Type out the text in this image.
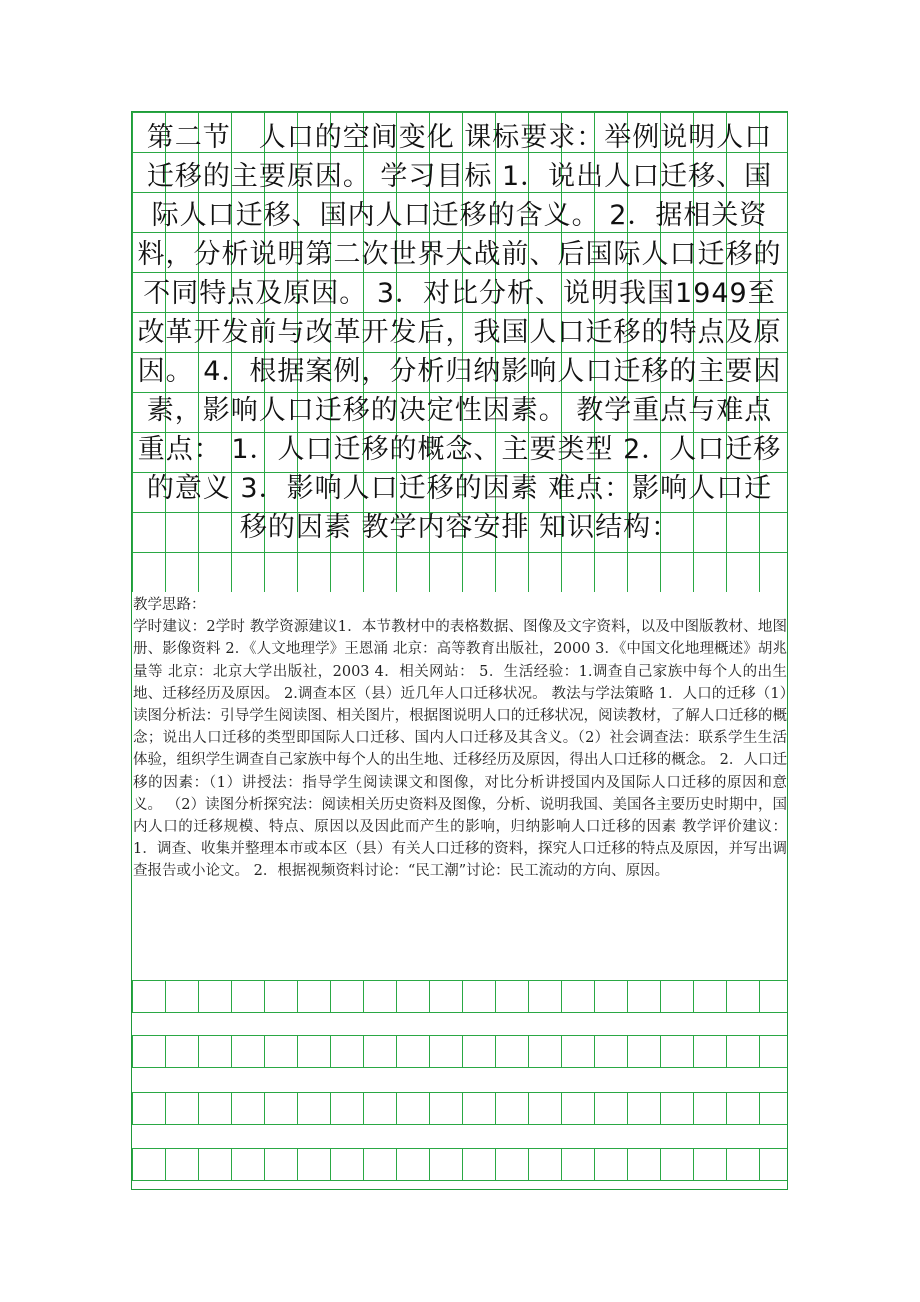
第二节　人口的空间变化 课标要求：举例说明人口迁移的主要原因。 学习目标 1．说出人口迁移、国际人口迁移、国内人口迁移的含义。 2．据相关资料，分析说明第二次世界大战前、后国际人口迁移的不同特点及原因。 3．对比分析、说明我国1949至改革开发前与改革开发后，我国人口迁移的特点及原因。 4．根据案例，分析归纳影响人口迁移的主要因素，影响人口迁移的决定性因素。 教学重点与难点 重点： 1．人口迁移的概念、主要类型 2．人口迁移的意义 3．影响人口迁移的因素 难点：影响人口迁移的因素 教学内容安排 知识结构：

教学思路：
学时建议：2学时 教学资源建议1．本节教材中的表格数据、图像及文字资料，以及中图版教材、地图册、影像资料 2．《人文地理学》王恩涌 北京：高等教育出版社，2000 3．《中国文化地理概述》胡兆量等 北京：北京大学出版社，2003 4．相关网站： 5．生活经验：1.调查自己家族中每个人的出生地、迁移经历及原因。 2.调查本区（县）近几年人口迁移状况。 教法与学法策略 1．人口的迁移（1）读图分析法：引导学生阅读图、相关图片，根据图说明人口的迁移状况，阅读教材，了解人口迁移的概念；说出人口迁移的类型即国际人口迁移、国内人口迁移及其含义。（2）社会调查法：联系学生生活体验，组织学生调查自己家族中每个人的出生地、迁移经历及原因，得出人口迁移的概念。 2．人口迁移的因素：（1）讲授法：指导学生阅读课文和图像，对比分析讲授国内及国际人口迁移的原因和意义。 （2）读图分析探究法：阅读相关历史资料及图像，分析、说明我国、美国各主要历史时期中，国内人口的迁移规模、特点、原因以及因此而产生的影响，归纳影响人口迁移的因素 教学评价建议： 1．调查、收集并整理本市或本区（县）有关人口迁移的资料，探究人口迁移的特点及原因，并写出调查报告或小论文。 2．根据视频资料讨论：“民工潮”讨论：民工流动的方向、原因。
